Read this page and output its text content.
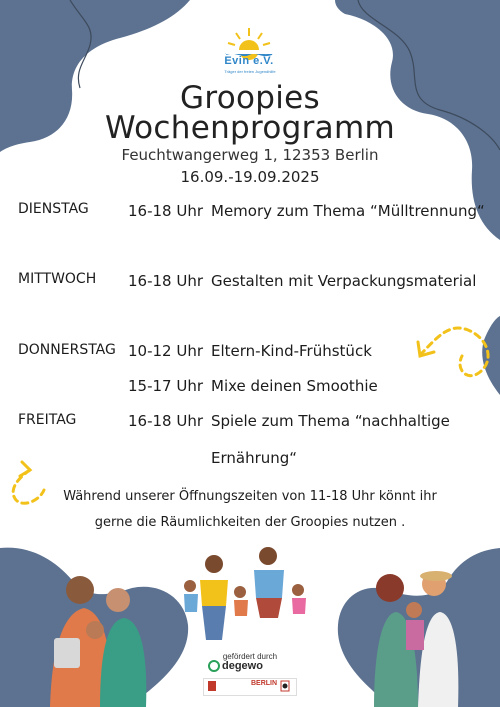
Evin e.V.
Träger der freien Jugendhilfe
Groopies
Wochenprogramm
Feuchtwangerweg 1, 12353 Berlin
16.09.-19.09.2025
DIENSTAG	16-18 Uhr Memory zum Thema “Mülltrennung“
MITTWOCH 16-18 Uhr Gestalten mit Verpackungsmaterial
DONNERSTAG 10-12 Uhr Eltern-Kind-Frühstück
15-17 Uhr Mixe deinen Smoothie
FREITAG	16-18 Uhr Spiele zum Thema “nachhaltige
Ernährung“
Während unserer Öffnungszeiten von 11-18 Uhr könnt ihr
gerne die Räumlichkeiten der Groopies nutzen .
gefördert durch
degewo
BERLIN
